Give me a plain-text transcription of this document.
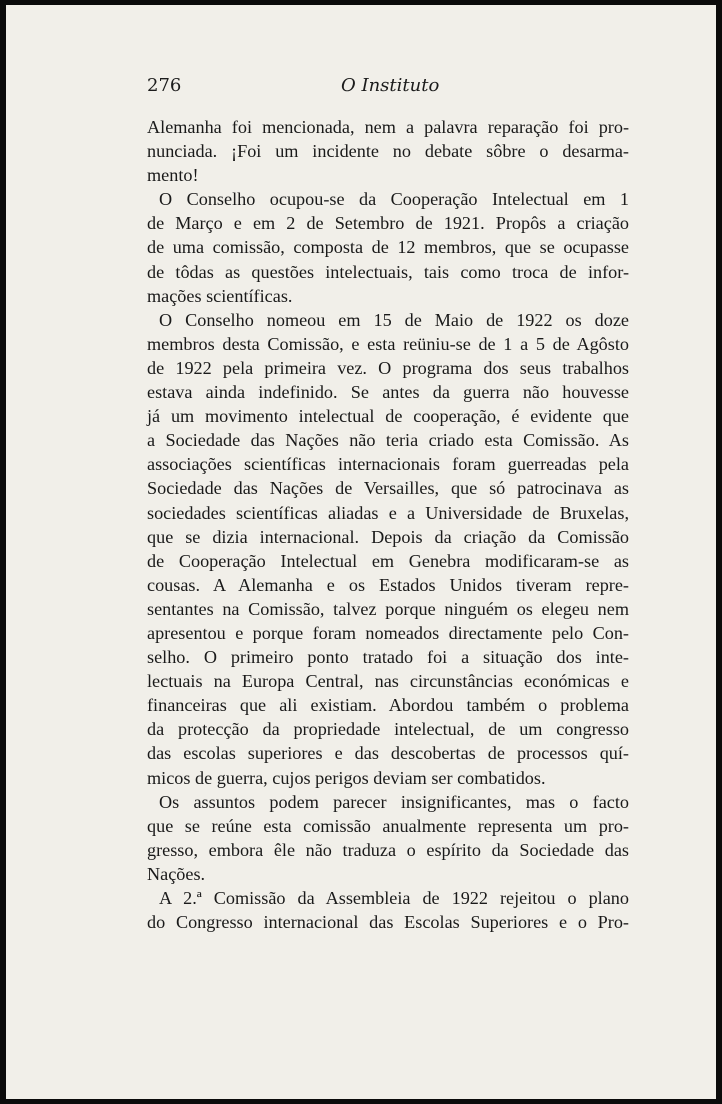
276	O Instituto
Alemanha foi mencionada, nem a palavra reparação foi pro-
nunciada. ¡Foi um incidente no debate sôbre o desarma-
mento!
O Conselho ocupou-se da Cooperação Intelectual em 1
de Março e em 2 de Setembro de 1921. Propôs a criação
de uma comissão, composta de 12 membros, que se ocupasse
de tôdas as questões intelectuais, tais como troca de infor-
mações scientíficas.
O Conselho nomeou em 15 de Maio de 1922 os doze
membros desta Comissão, e esta reüniu-se de 1 a 5 de Agôsto
de 1922 pela primeira vez. O programa dos seus trabalhos
estava ainda indefinido. Se antes da guerra não houvesse
já um movimento intelectual de cooperação, é evidente que
a Sociedade das Nações não teria criado esta Comissão. As
associações scientíficas internacionais foram guerreadas pela
Sociedade das Nações de Versailles, que só patrocinava as
sociedades scientíficas aliadas e a Universidade de Bruxelas,
que se dizia internacional. Depois da criação da Comissão
de Cooperação Intelectual em Genebra modificaram-se as
cousas. A Alemanha e os Estados Unidos tiveram repre-
sentantes na Comissão, talvez porque ninguém os elegeu nem
apresentou e porque foram nomeados directamente pelo Con-
selho. O primeiro ponto tratado foi a situação dos inte-
lectuais na Europa Central, nas circunstâncias económicas e
financeiras que ali existiam. Abordou também o problema
da protecção da propriedade intelectual, de um congresso
das escolas superiores e das descobertas de processos quí-
micos de guerra, cujos perigos deviam ser combatidos.
Os assuntos podem parecer insignificantes, mas o facto
que se reúne esta comissão anualmente representa um pro-
gresso, embora êle não traduza o espírito da Sociedade das
Nações.
A 2.ª Comissão da Assembleia de 1922 rejeitou o plano
do Congresso internacional das Escolas Superiores e o Pro-
